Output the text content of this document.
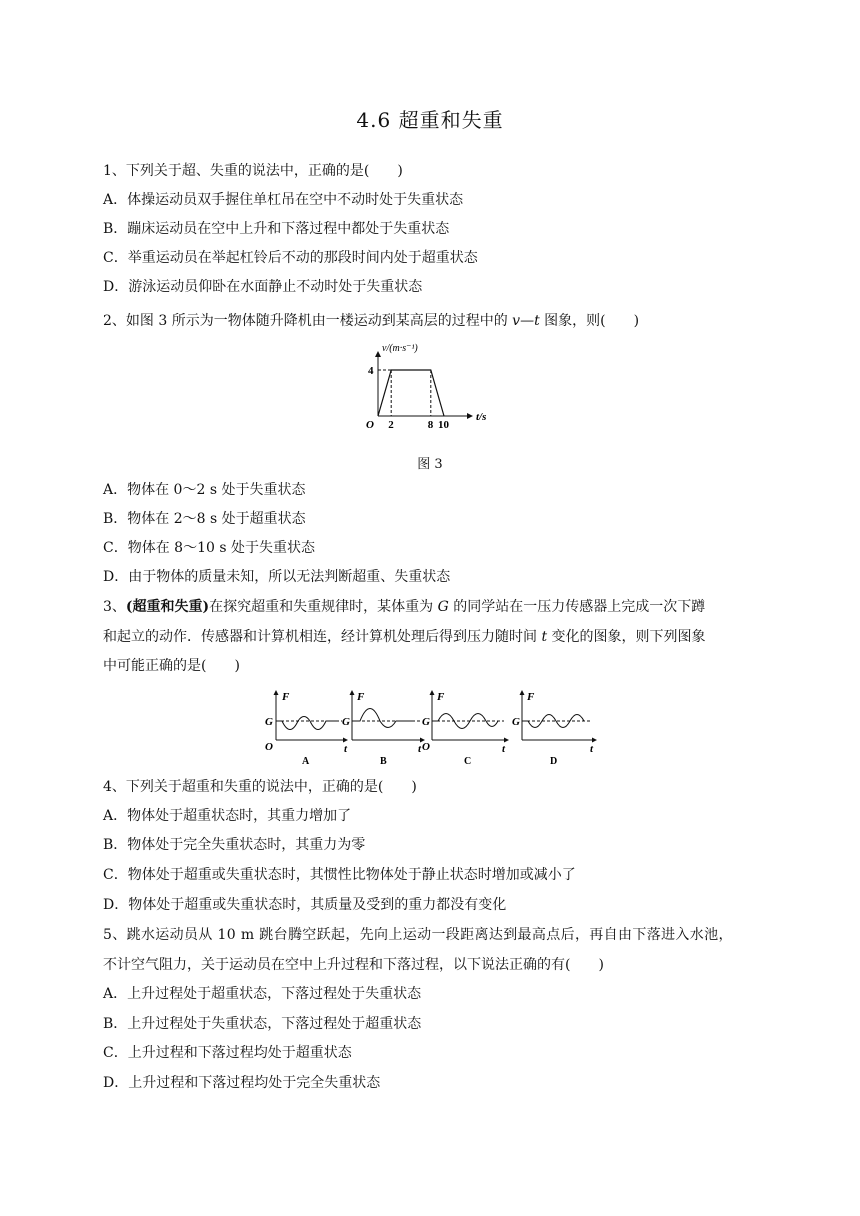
4.6 超重和失重
1、下列关于超、失重的说法中，正确的是(　　)
A．体操运动员双手握住单杠吊在空中不动时处于失重状态
B．蹦床运动员在空中上升和下落过程中都处于失重状态
C．举重运动员在举起杠铃后不动的那段时间内处于超重状态
D．游泳运动员仰卧在水面静止不动时处于失重状态
2、如图 3 所示为一物体随升降机由一楼运动到某高层的过程中的 v—t 图象，则(　　)
v/(m·s⁻¹)
t/s
O 2	8 10
4
图 3
A．物体在 0～2 s 处于失重状态
B．物体在 2～8 s 处于超重状态
C．物体在 8～10 s 处于失重状态
D．由于物体的质量未知，所以无法判断超重、失重状态
3、(超重和失重)在探究超重和失重规律时，某体重为 G 的同学站在一压力传感器上完成一次下蹲
和起立的动作．传感器和计算机相连，经计算机处理后得到压力随时间 t 变化的图象，则下列图象
中可能正确的是(　　)
F
G
O	t
A
F
G
t
B
F
G
O	t
C
F
G
t
D
4、下列关于超重和失重的说法中，正确的是(　　)
A．物体处于超重状态时，其重力增加了
B．物体处于完全失重状态时，其重力为零
C．物体处于超重或失重状态时，其惯性比物体处于静止状态时增加或减小了
D．物体处于超重或失重状态时，其质量及受到的重力都没有变化
5、跳水运动员从 10 m 跳台腾空跃起，先向上运动一段距离达到最高点后，再自由下落进入水池，
不计空气阻力，关于运动员在空中上升过程和下落过程，以下说法正确的有(　　)
A．上升过程处于超重状态，下落过程处于失重状态
B．上升过程处于失重状态，下落过程处于超重状态
C．上升过程和下落过程均处于超重状态
D．上升过程和下落过程均处于完全失重状态
